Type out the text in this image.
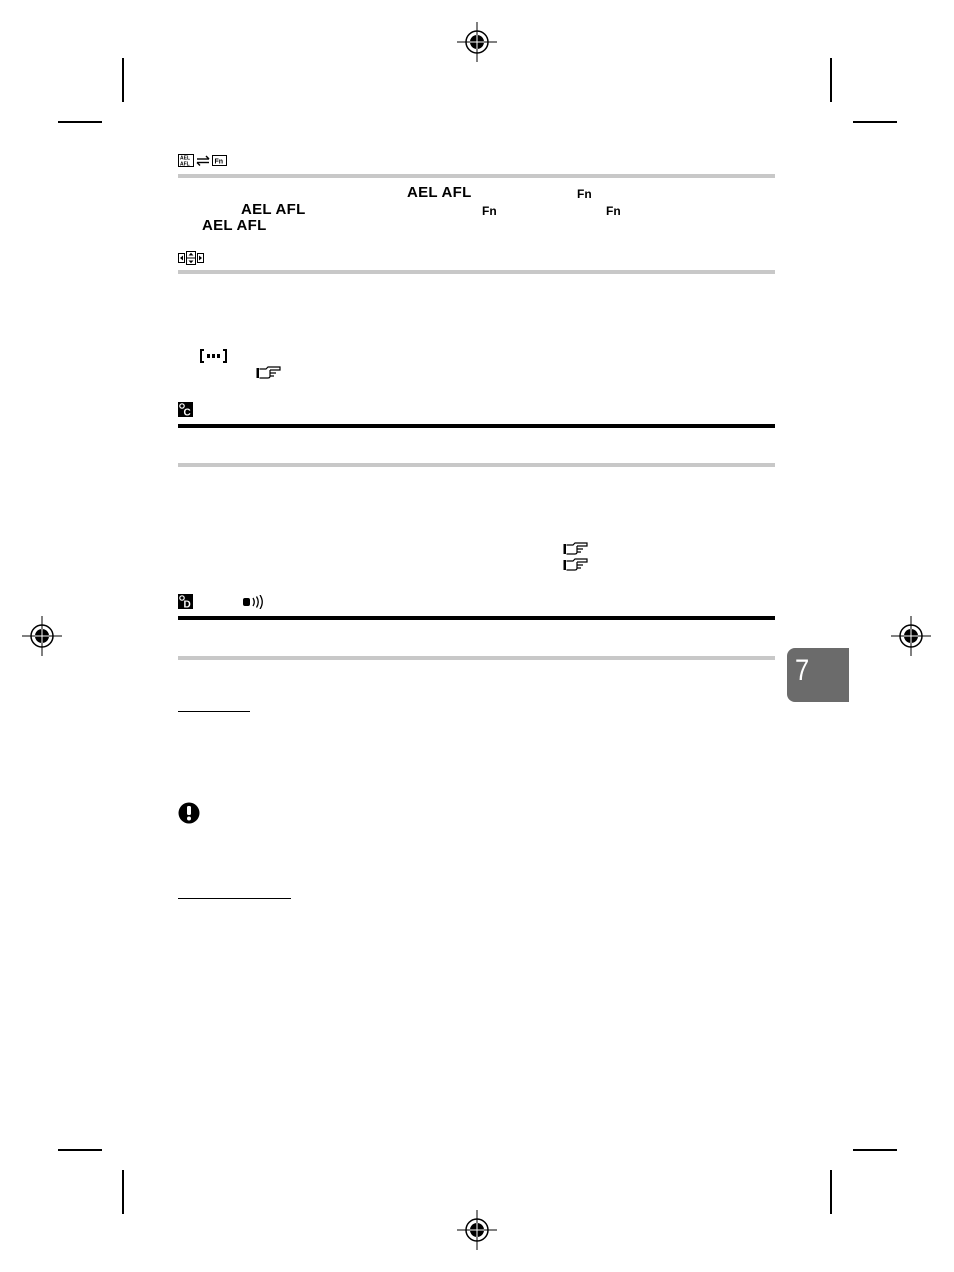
AEL
AFL	Fn
AEL AFL	Fn
AEL AFL	Fn	Fn
AEL AFL
C
D
7
